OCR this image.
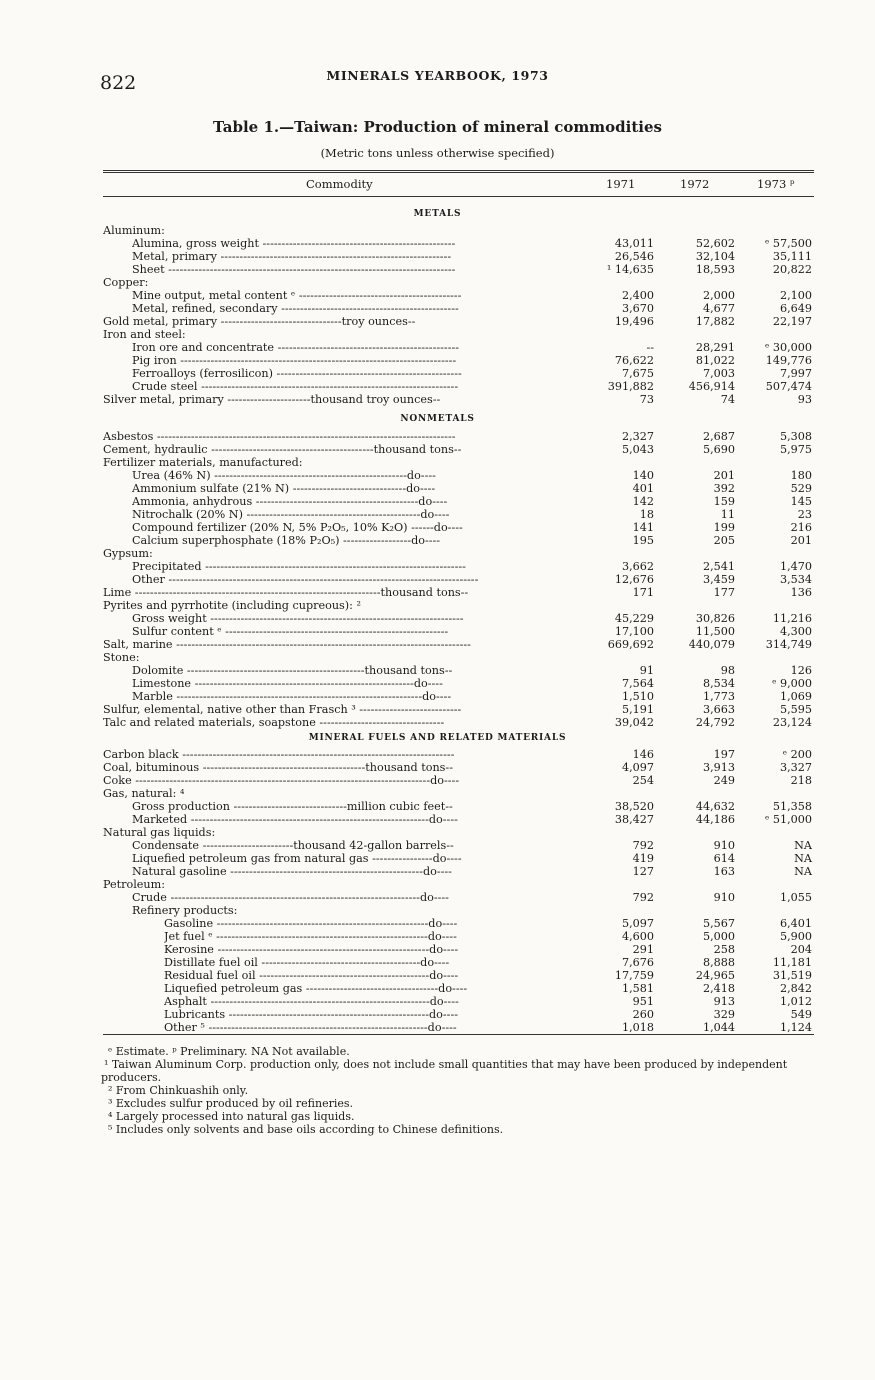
822	MINERALS YEARBOOK, 1973
Table 1.—Taiwan: Production of mineral commodities
(Metric tons unless otherwise specified)
Commodity	1971	1972	1973 ᵖ
METALS
NONMETALS
MINERAL FUELS AND RELATED MATERIALS
Aluminum:
Alumina, gross weight ---------------------------------------------------	43,011	52,602	ᵉ 57,500
Metal, primary -------------------------------------------------------------	26,546	32,104	35,111
Sheet ----------------------------------------------------------------------------	¹ 14,635	18,593	20,822
Copper:
Mine output, metal content ᵉ -------------------------------------------	2,400	2,000	2,100
Metal, refined, secondary -----------------------------------------------	3,670	4,677	6,649
Gold metal, primary --------------------------------troy ounces--	19,496	17,882	22,197
Iron and steel:
Iron ore and concentrate ------------------------------------------------	--	28,291	ᵉ 30,000
Pig iron -------------------------------------------------------------------------	76,622	81,022	149,776
Ferroalloys (ferrosilicon) -------------------------------------------------	7,675	7,003	7,997
Crude steel --------------------------------------------------------------------	391,882	456,914	507,474
Silver metal, primary ----------------------thousand troy ounces--	73	74	93
Asbestos -------------------------------------------------------------------------------	2,327	2,687	5,308
Cement, hydraulic -------------------------------------------thousand tons--	5,043	5,690	5,975
Fertilizer materials, manufactured:
Urea (46% N) ---------------------------------------------------do----	140	201	180
Ammonium sulfate (21% N) ------------------------------do----	401	392	529
Ammonia, anhydrous -------------------------------------------do----	142	159	145
Nitrochalk (20% N) ----------------------------------------------do----	18	11	23
Compound fertilizer (20% N, 5% P₂O₅, 10% K₂O) ------do----	141	199	216
Calcium superphosphate (18% P₂O₅) ------------------do----	195	205	201
Gypsum:
Precipitated ---------------------------------------------------------------------	3,662	2,541	1,470
Other ----------------------------------------------------------------------------------	12,676	3,459	3,534
Lime -----------------------------------------------------------------thousand tons--	171	177	136
Pyrites and pyrrhotite (including cupreous): ²
Gross weight -------------------------------------------------------------------	45,229	30,826	11,216
Sulfur content ᵉ -----------------------------------------------------------	17,100	11,500	4,300
Salt, marine ------------------------------------------------------------------------------	669,692	440,079	314,749
Stone:
Dolomite -----------------------------------------------thousand tons--	91	98	126
Limestone ----------------------------------------------------------do----	7,564	8,534	ᵉ 9,000
Marble -----------------------------------------------------------------do----	1,510	1,773	1,069
Sulfur, elemental, native other than Frasch ³ ---------------------------	5,191	3,663	5,595
Talc and related materials, soapstone ---------------------------------	39,042	24,792	23,124
Carbon black ------------------------------------------------------------------------	146	197	ᵉ 200
Coal, bituminous -------------------------------------------thousand tons--	4,097	3,913	3,327
Coke ------------------------------------------------------------------------------do----	254	249	218
Gas, natural: ⁴
Gross production ------------------------------million cubic feet--	38,520	44,632	51,358
Marketed ---------------------------------------------------------------do----	38,427	44,186	ᵉ 51,000
Natural gas liquids:
Condensate ------------------------thousand 42-gallon barrels--	792	910	NA
Liquefied petroleum gas from natural gas ----------------do----	419	614	NA
Natural gasoline ---------------------------------------------------do----	127	163	NA
Petroleum:
Crude ------------------------------------------------------------------do----	792	910	1,055
Refinery products:
Gasoline --------------------------------------------------------do----	5,097	5,567	6,401
Jet fuel ᵉ --------------------------------------------------------do----	4,600	5,000	5,900
Kerosine --------------------------------------------------------do----	291	258	204
Distillate fuel oil ------------------------------------------do----	7,676	8,888	11,181
Residual fuel oil ---------------------------------------------do----	17,759	24,965	31,519
Liquefied petroleum gas -----------------------------------do----	1,581	2,418	2,842
Asphalt ----------------------------------------------------------do----	951	913	1,012
Lubricants -----------------------------------------------------do----	260	329	549
Other ⁵ ----------------------------------------------------------do----	1,018	1,044	1,124
ᵉ Estimate. ᵖ Preliminary. NA Not available.
¹ Taiwan Aluminum Corp. production only, does not include small quantities that may have been produced by independent producers.
² From Chinkuashih only.
³ Excludes sulfur produced by oil refineries.
⁴ Largely processed into natural gas liquids.
⁵ Includes only solvents and base oils according to Chinese definitions.
